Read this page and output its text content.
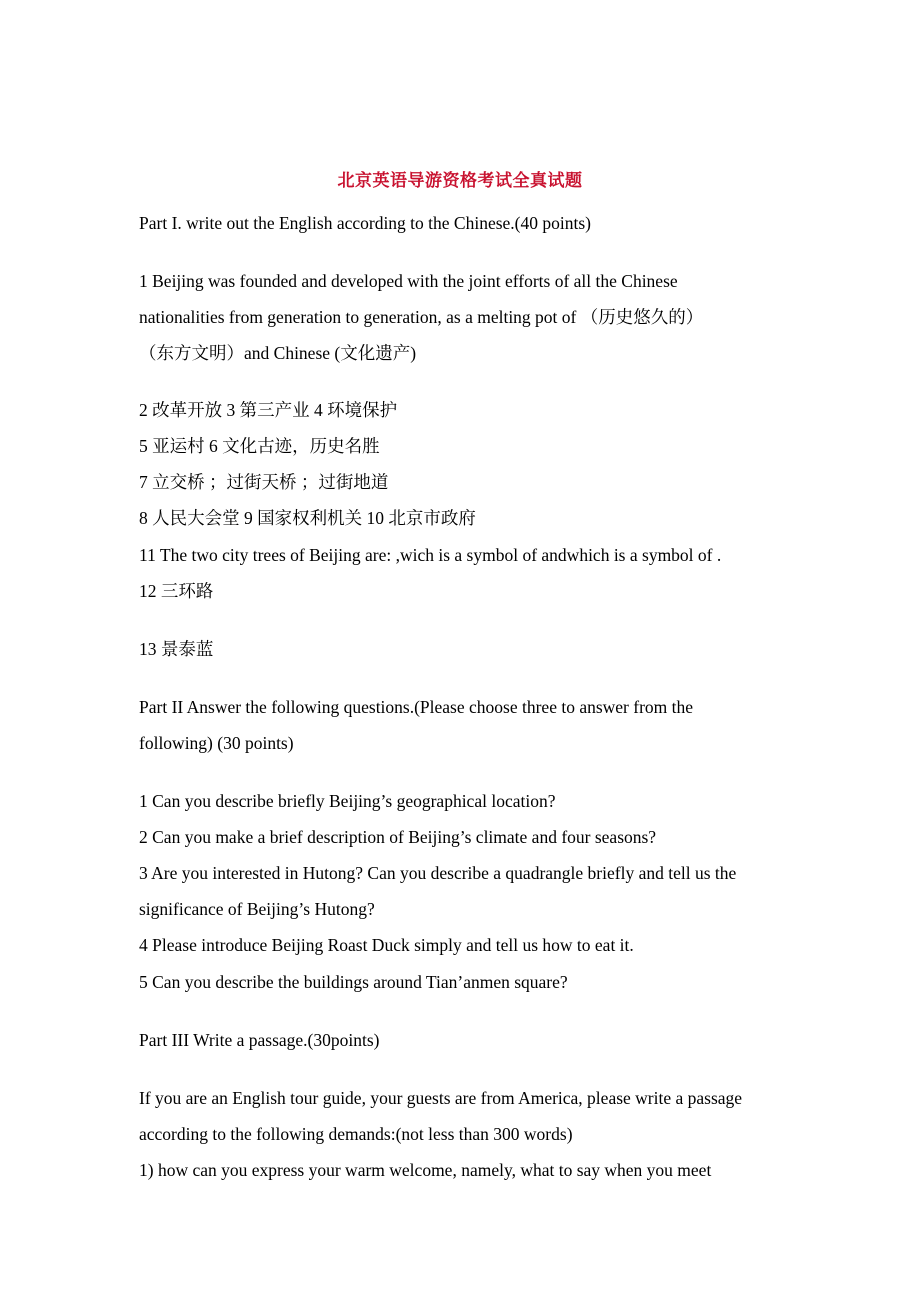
北京英语导游资格考试全真试题
Part I. write out the English according to the Chinese.(40 points)
1 Beijing was founded and developed with the joint efforts of all the Chinese
nationalities from generation to generation, as a melting pot of （历史悠久的）
（东方文明）and Chinese (文化遗产)
2 改革开放 3 第三产业 4 环境保护
5 亚运村 6 文化古迹，历史名胜
7 立交桥 ；过街天桥 ；过街地道
8 人民大会堂 9 国家权利机关 10 北京市政府
11 The two city trees of Beijing are: ,wich is a symbol of andwhich is a symbol of .
12 三环路
13 景泰蓝
Part II Answer the following questions.(Please choose three to answer from the
following) (30 points)
1 Can you describe briefly Beijing’s geographical location?
2 Can you make a brief description of Beijing’s climate and four seasons?
3 Are you interested in Hutong? Can you describe a quadrangle briefly and tell us the
significance of Beijing’s Hutong?
4 Please introduce Beijing Roast Duck simply and tell us how to eat it.
5 Can you describe the buildings around Tian’anmen square?
Part III Write a passage.(30points)
If you are an English tour guide, your guests are from America, please write a passage
according to the following demands:(not less than 300 words)
1) how can you express your warm welcome, namely, what to say when you meet
